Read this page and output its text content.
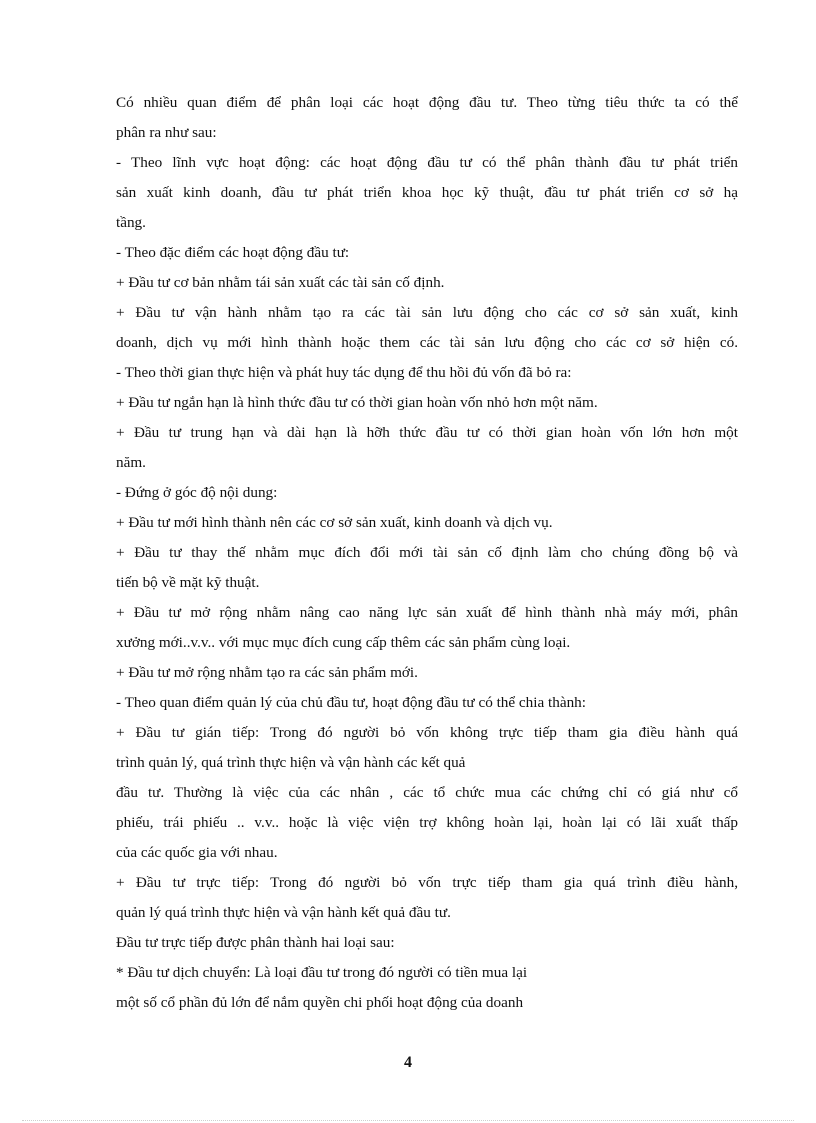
Có nhiều quan điểm để phân loại các hoạt động đầu tư. Theo từng tiêu thức ta có thể
phân ra như sau:
- Theo lĩnh vực hoạt động: các hoạt động đầu tư có thể phân thành đầu tư phát triển
sản xuất kinh doanh, đầu tư phát triển khoa học kỹ thuật, đầu tư phát triển cơ sở hạ
tầng.
- Theo đặc điểm các hoạt động đầu tư:
+ Đầu tư cơ bản nhằm tái sản xuất các tài sản cố định.
+ Đầu tư vận hành nhằm tạo ra các tài sản lưu động cho các cơ sở sản xuất, kinh
doanh, dịch vụ mới hình thành hoặc them các tài sản lưu động cho các cơ sở hiện có.
- Theo thời gian thực hiện và phát huy tác dụng để thu hồi đủ vốn đã bỏ ra:
+ Đầu tư ngắn hạn là hình thức đầu tư có thời gian hoàn vốn nhỏ hơn một năm.
+ Đầu tư trung hạn và dài hạn là hỡh thức đầu tư có thời gian hoàn vốn lớn hơn một
năm.
- Đứng ở góc độ nội dung:
+ Đầu tư mới hình thành nên các cơ sở sản xuất, kinh doanh và dịch vụ.
+ Đầu tư thay thế nhằm mục đích đổi mới tài sản cố định làm cho chúng đồng bộ và
tiến bộ về mặt kỹ thuật.
+ Đầu tư mở rộng nhằm nâng cao năng lực sản xuất để hình thành nhà máy mới, phân
xưởng mới..v.v.. với mục mục đích cung cấp thêm các sản phẩm cùng loại.
+ Đầu tư mở rộng nhằm tạo ra các sản phẩm mới.
- Theo quan điểm quản lý của chủ đầu tư, hoạt động đầu tư có thể chia thành:
+ Đầu tư gián tiếp: Trong đó người bỏ vốn không trực tiếp tham gia điều hành quá
trình quản lý, quá trình thực hiện và vận hành các kết quả
đầu tư. Thường là việc của các nhân , các tổ chức mua các chứng chỉ có giá như cổ
phiếu, trái phiếu .. v.v.. hoặc là việc viện trợ không hoàn lại, hoàn lại có lãi xuất thấp
của các quốc gia với nhau.
+ Đầu tư trực tiếp: Trong đó người bỏ vốn trực tiếp tham gia quá trình điều hành,
quản lý quá trình thực hiện và vận hành kết quả đầu tư.
Đầu tư trực tiếp được phân thành hai loại sau:
* Đầu tư dịch chuyển: Là loại đầu tư trong đó người có tiền mua lại
một số cổ phần đủ lớn để nắm quyền chi phối hoạt động của doanh
4
